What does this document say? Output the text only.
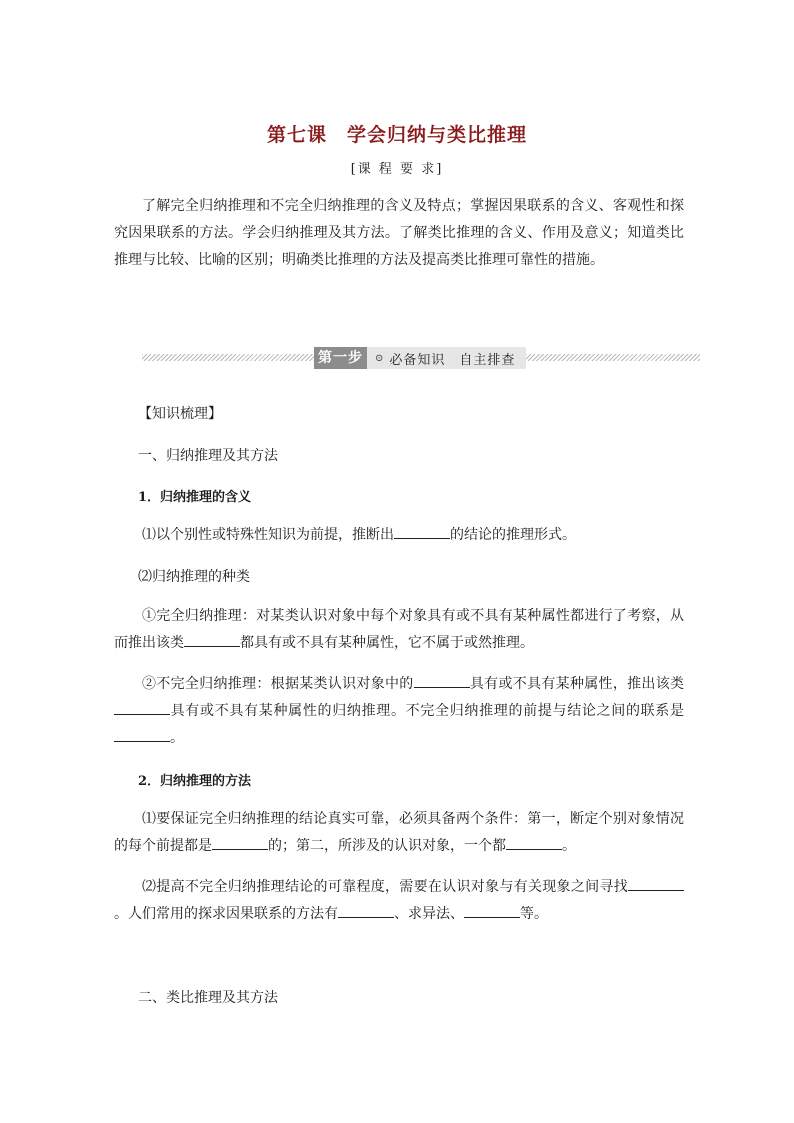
第七课　学会归纳与类比推理
[课 程 要 求]
了解完全归纳推理和不完全归纳推理的含义及特点；掌握因果联系的含义、客观性和探究因果联系的方法。学会归纳推理及其方法。了解类比推理的含义、作用及意义；知道类比推理与比较、比喻的区别；明确类比推理的方法及提高类比推理可靠性的措施。
第一步	⊙ 必备知识　自主排查
【知识梳理】
一、归纳推理及其方法
1．归纳推理的含义
⑴以个别性或特殊性知识为前提，推断出	的结论的推理形式。
⑵归纳推理的种类
①完全归纳推理：对某类认识对象中每个对象具有或不具有某种属性都进行了考察，从而推出该类	都具有或不具有某种属性，它不属于或然推理。
②不完全归纳推理：根据某类认识对象中的	具有或不具有某种属性，推出该类具有或不具有某种属性的归纳推理。不完全归纳推理的前提与结论之间的联系是。
2．归纳推理的方法
⑴要保证完全归纳推理的结论真实可靠，必须具备两个条件：第一，断定个别对象情况的每个前提都是	的；第二，所涉及的认识对象，一个都	。
⑵提高不完全归纳推理结论的可靠程度，需要在认识对象与有关现象之间寻找。人们常用的探求因果联系的方法有	、求异法、	等。
二、类比推理及其方法
